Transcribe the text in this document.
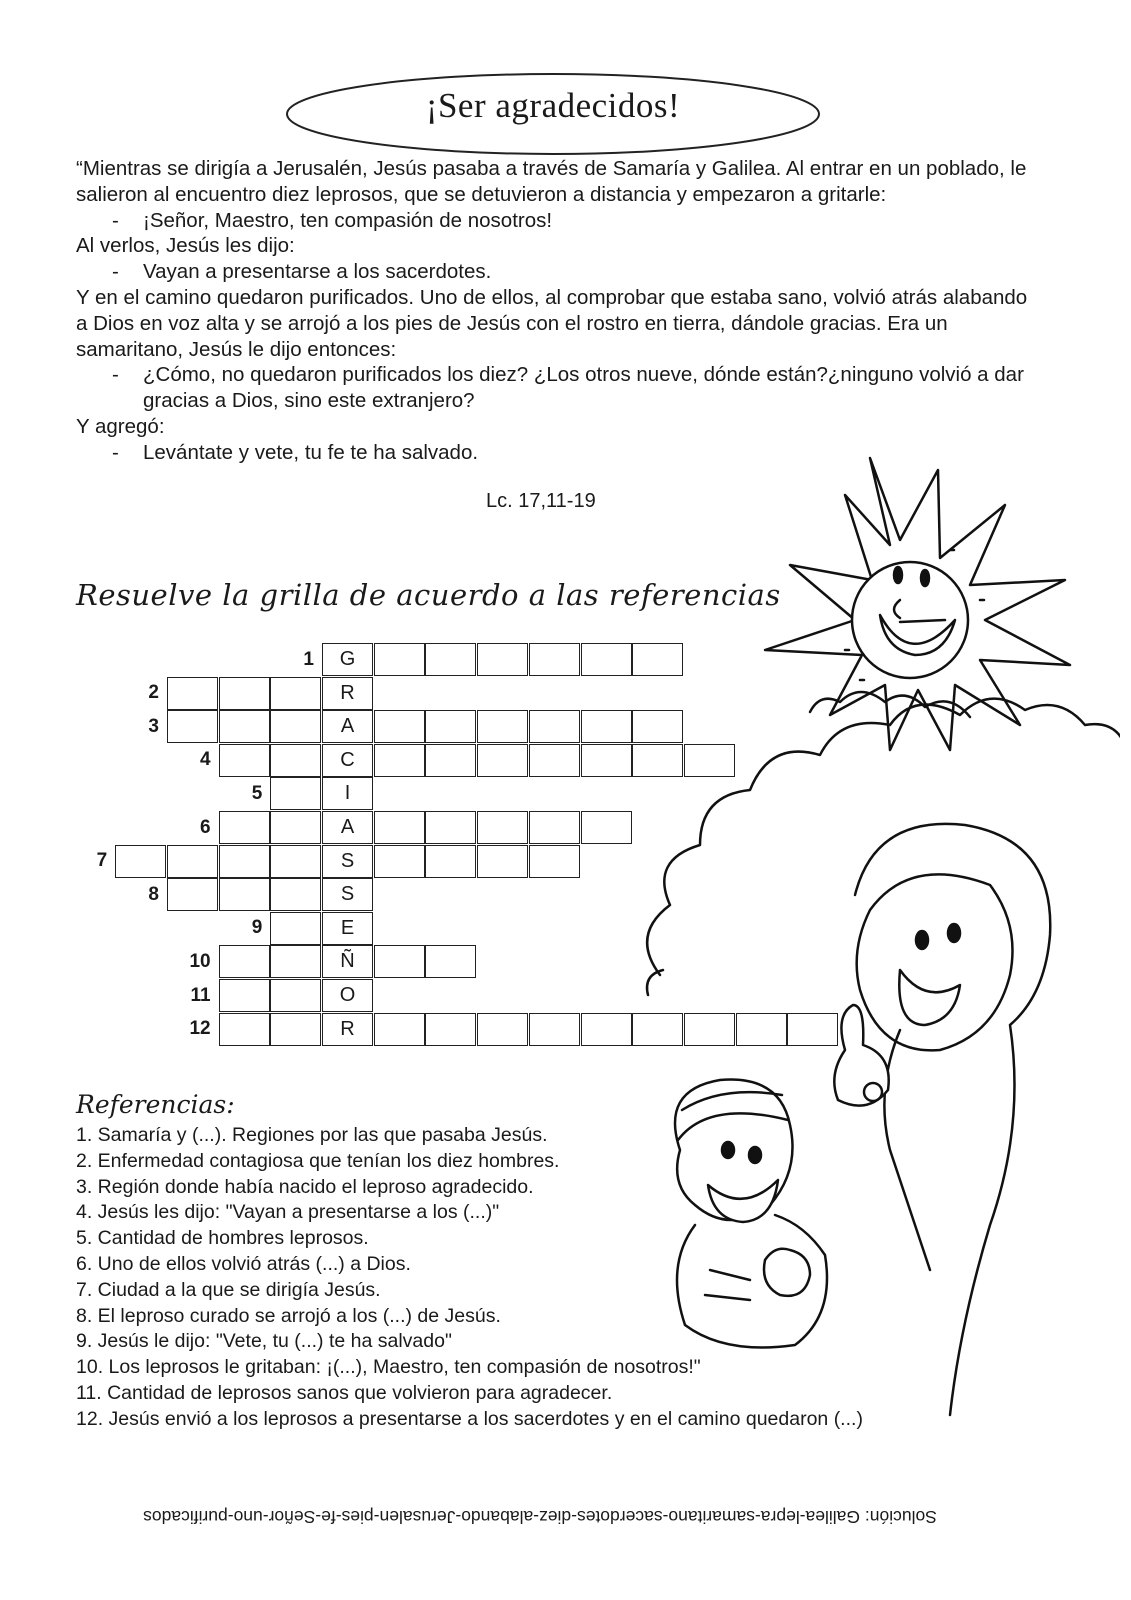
¡Ser agradecidos!

“Mientras se dirigía a Jerusalén, Jesús pasaba a través de Samaría y Galilea. Al entrar en un poblado, le salieron al encuentro diez leprosos, que se detuvieron a distancia y empezaron a gritarle:

-	¡Señor, Maestro, ten compasión de nosotros!

Al verlos, Jesús les dijo:

-	Vayan a presentarse a los sacerdotes.

Y en el camino quedaron purificados. Uno de ellos, al comprobar que estaba sano, volvió atrás alabando a Dios en voz alta y se arrojó a los pies de Jesús con el rostro en tierra, dándole gracias. Era un samaritano, Jesús le dijo entonces:

-	¿Cómo, no quedaron purificados los diez? ¿Los otros nueve, dónde están?¿ninguno volvió a dar gracias a Dios, sino este extranjero?

Y agregó:

-	Levántate y vete, tu fe te ha salvado.
Lc. 17,11-19
Resuelve la grilla de acuerdo a las referencias
1	G
2	R
3	A
4	C
5	I
6	A
7	S
8	S
9	E
10	Ñ
11	O
12	R
Referencias:
1. Samaría y (...). Regiones por las que pasaba Jesús.
2. Enfermedad contagiosa que tenían los diez hombres.
3. Región donde había nacido el leproso agradecido.
4. Jesús les dijo: "Vayan a presentarse a los (...)"
5. Cantidad de hombres leprosos.
6. Uno de ellos volvió atrás (...) a Dios.
7. Ciudad a la que se dirigía Jesús.
8. El leproso curado se arrojó a los (...) de Jesús.
9. Jesús le dijo: "Vete, tu (...) te ha salvado"
10. Los leprosos le gritaban: ¡(...), Maestro, ten compasión de nosotros!"
11. Cantidad de leprosos sanos que volvieron para agradecer.
12. Jesús envió a los leprosos a presentarse a los sacerdotes y en el camino quedaron (...)
Solución: Galilea-lepra-samaritano-sacerdotes-diez-alabando-Jerusalen-pies-fe-Señor-uno-purificados
